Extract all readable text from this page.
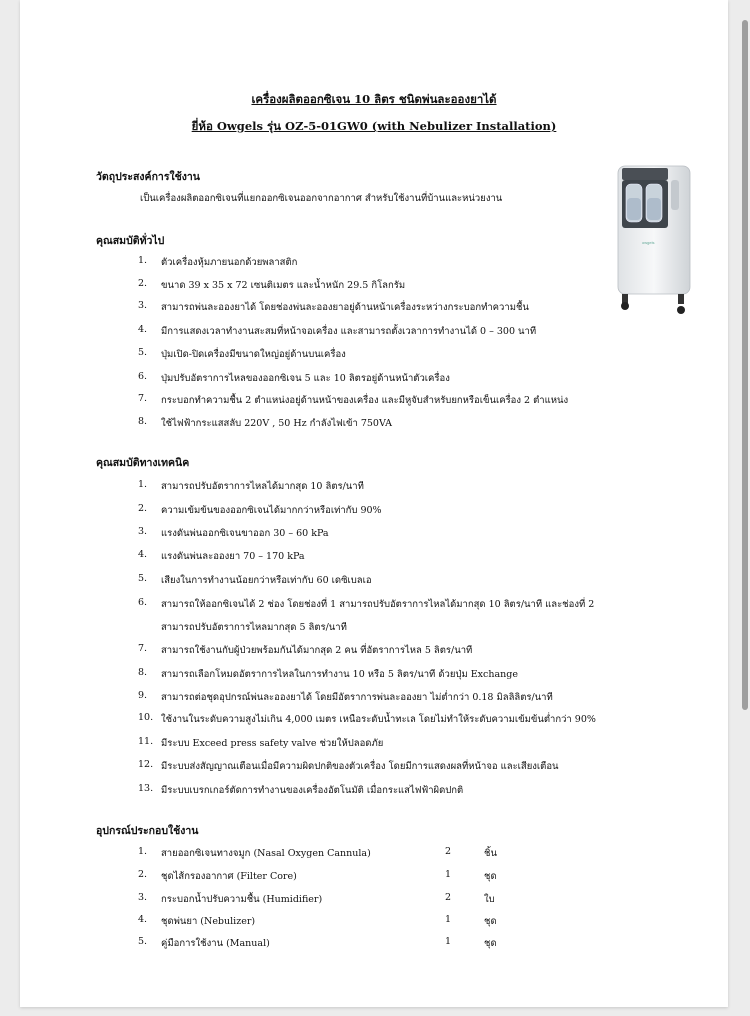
เครื่องผลิตออกซิเจน 10 ลิตร ชนิดพ่นละอองยาได้
ยี่ห้อ Owgels รุ่น OZ-5-01GW0 (with Nebulizer Installation)
owgels
วัตถุประสงค์การใช้งาน
เป็นเครื่องผลิตออกซิเจนที่แยกออกซิเจนออกจากอากาศ สำหรับใช้งานที่บ้านและหน่วยงาน
คุณสมบัติทั่วไป
1.	ตัวเครื่องหุ้มภายนอกด้วยพลาสติก
2.	ขนาด 39 x 35 x 72 เซนติเมตร และน้ำหนัก 29.5 กิโลกรัม
3.	สามารถพ่นละอองยาได้ โดยช่องพ่นละอองยาอยู่ด้านหน้าเครื่องระหว่างกระบอกทำความชื้น
4.	มีการแสดงเวลาทำงานสะสมที่หน้าจอเครื่อง และสามารถตั้งเวลาการทำงานได้ 0 – 300 นาที
5.	ปุ่มเปิด-ปิดเครื่องมีขนาดใหญ่อยู่ด้านบนเครื่อง
6.	ปุ่มปรับอัตราการไหลของออกซิเจน 5 และ 10 ลิตรอยู่ด้านหน้าตัวเครื่อง
7.	กระบอกทำความชื้น 2 ตำแหน่งอยู่ด้านหน้าของเครื่อง และมีหูจับสำหรับยกหรือเข็นเครื่อง 2 ตำแหน่ง
8.	ใช้ไฟฟ้ากระแสสลับ 220V , 50 Hz กำลังไฟเข้า 750VA
คุณสมบัติทางเทคนิค
1.	สามารถปรับอัตราการไหลได้มากสุด 10 ลิตร/นาที
2.	ความเข้มข้นของออกซิเจนได้มากกว่าหรือเท่ากับ 90%
3.	แรงดันพ่นออกซิเจนขาออก 30 – 60 kPa
4.	แรงดันพ่นละอองยา 70 – 170 kPa
5.	เสียงในการทำงานน้อยกว่าหรือเท่ากับ 60 เดซิเบลเอ
6.	สามารถให้ออกซิเจนได้ 2 ช่อง โดยช่องที่ 1 สามารถปรับอัตราการไหลได้มากสุด 10 ลิตร/นาที และช่องที่ 2
สามารถปรับอัตราการไหลมากสุด 5 ลิตร/นาที
7.	สามารถใช้งานกับผู้ป่วยพร้อมกันได้มากสุด 2 คน ที่อัตราการไหล 5 ลิตร/นาที
8.	สามารถเลือกโหมดอัตราการไหลในการทำงาน 10 หรือ 5 ลิตร/นาที ด้วยปุ่ม Exchange
9.	สามารถต่อชุดอุปกรณ์พ่นละอองยาได้ โดยมีอัตราการพ่นละอองยา ไม่ต่ำกว่า 0.18 มิลลิลิตร/นาที
10. ใช้งานในระดับความสูงไม่เกิน 4,000 เมตร เหนือระดับน้ำทะเล โดยไม่ทำให้ระดับความเข้มข้นต่ำกว่า 90%
11. มีระบบ Exceed press safety valve ช่วยให้ปลอดภัย
12. มีระบบส่งสัญญาณเตือนเมื่อมีความผิดปกติของตัวเครื่อง โดยมีการแสดงผลที่หน้าจอ และเสียงเตือน
13. มีระบบเบรกเกอร์ตัดการทำงานของเครื่องอัตโนมัติ เมื่อกระแสไฟฟ้าผิดปกติ
อุปกรณ์ประกอบใช้งาน
1.	สายออกซิเจนทางจมูก (Nasal Oxygen Cannula)	2	ชิ้น
2.	ชุดไส้กรองอากาศ (Filter Core)	1	ชุด
3.	กระบอกน้ำปรับความชื้น (Humidifier)	2	ใบ
4.	ชุดพ่นยา (Nebulizer)	1	ชุด
5.	คู่มือการใช้งาน (Manual)	1	ชุด
